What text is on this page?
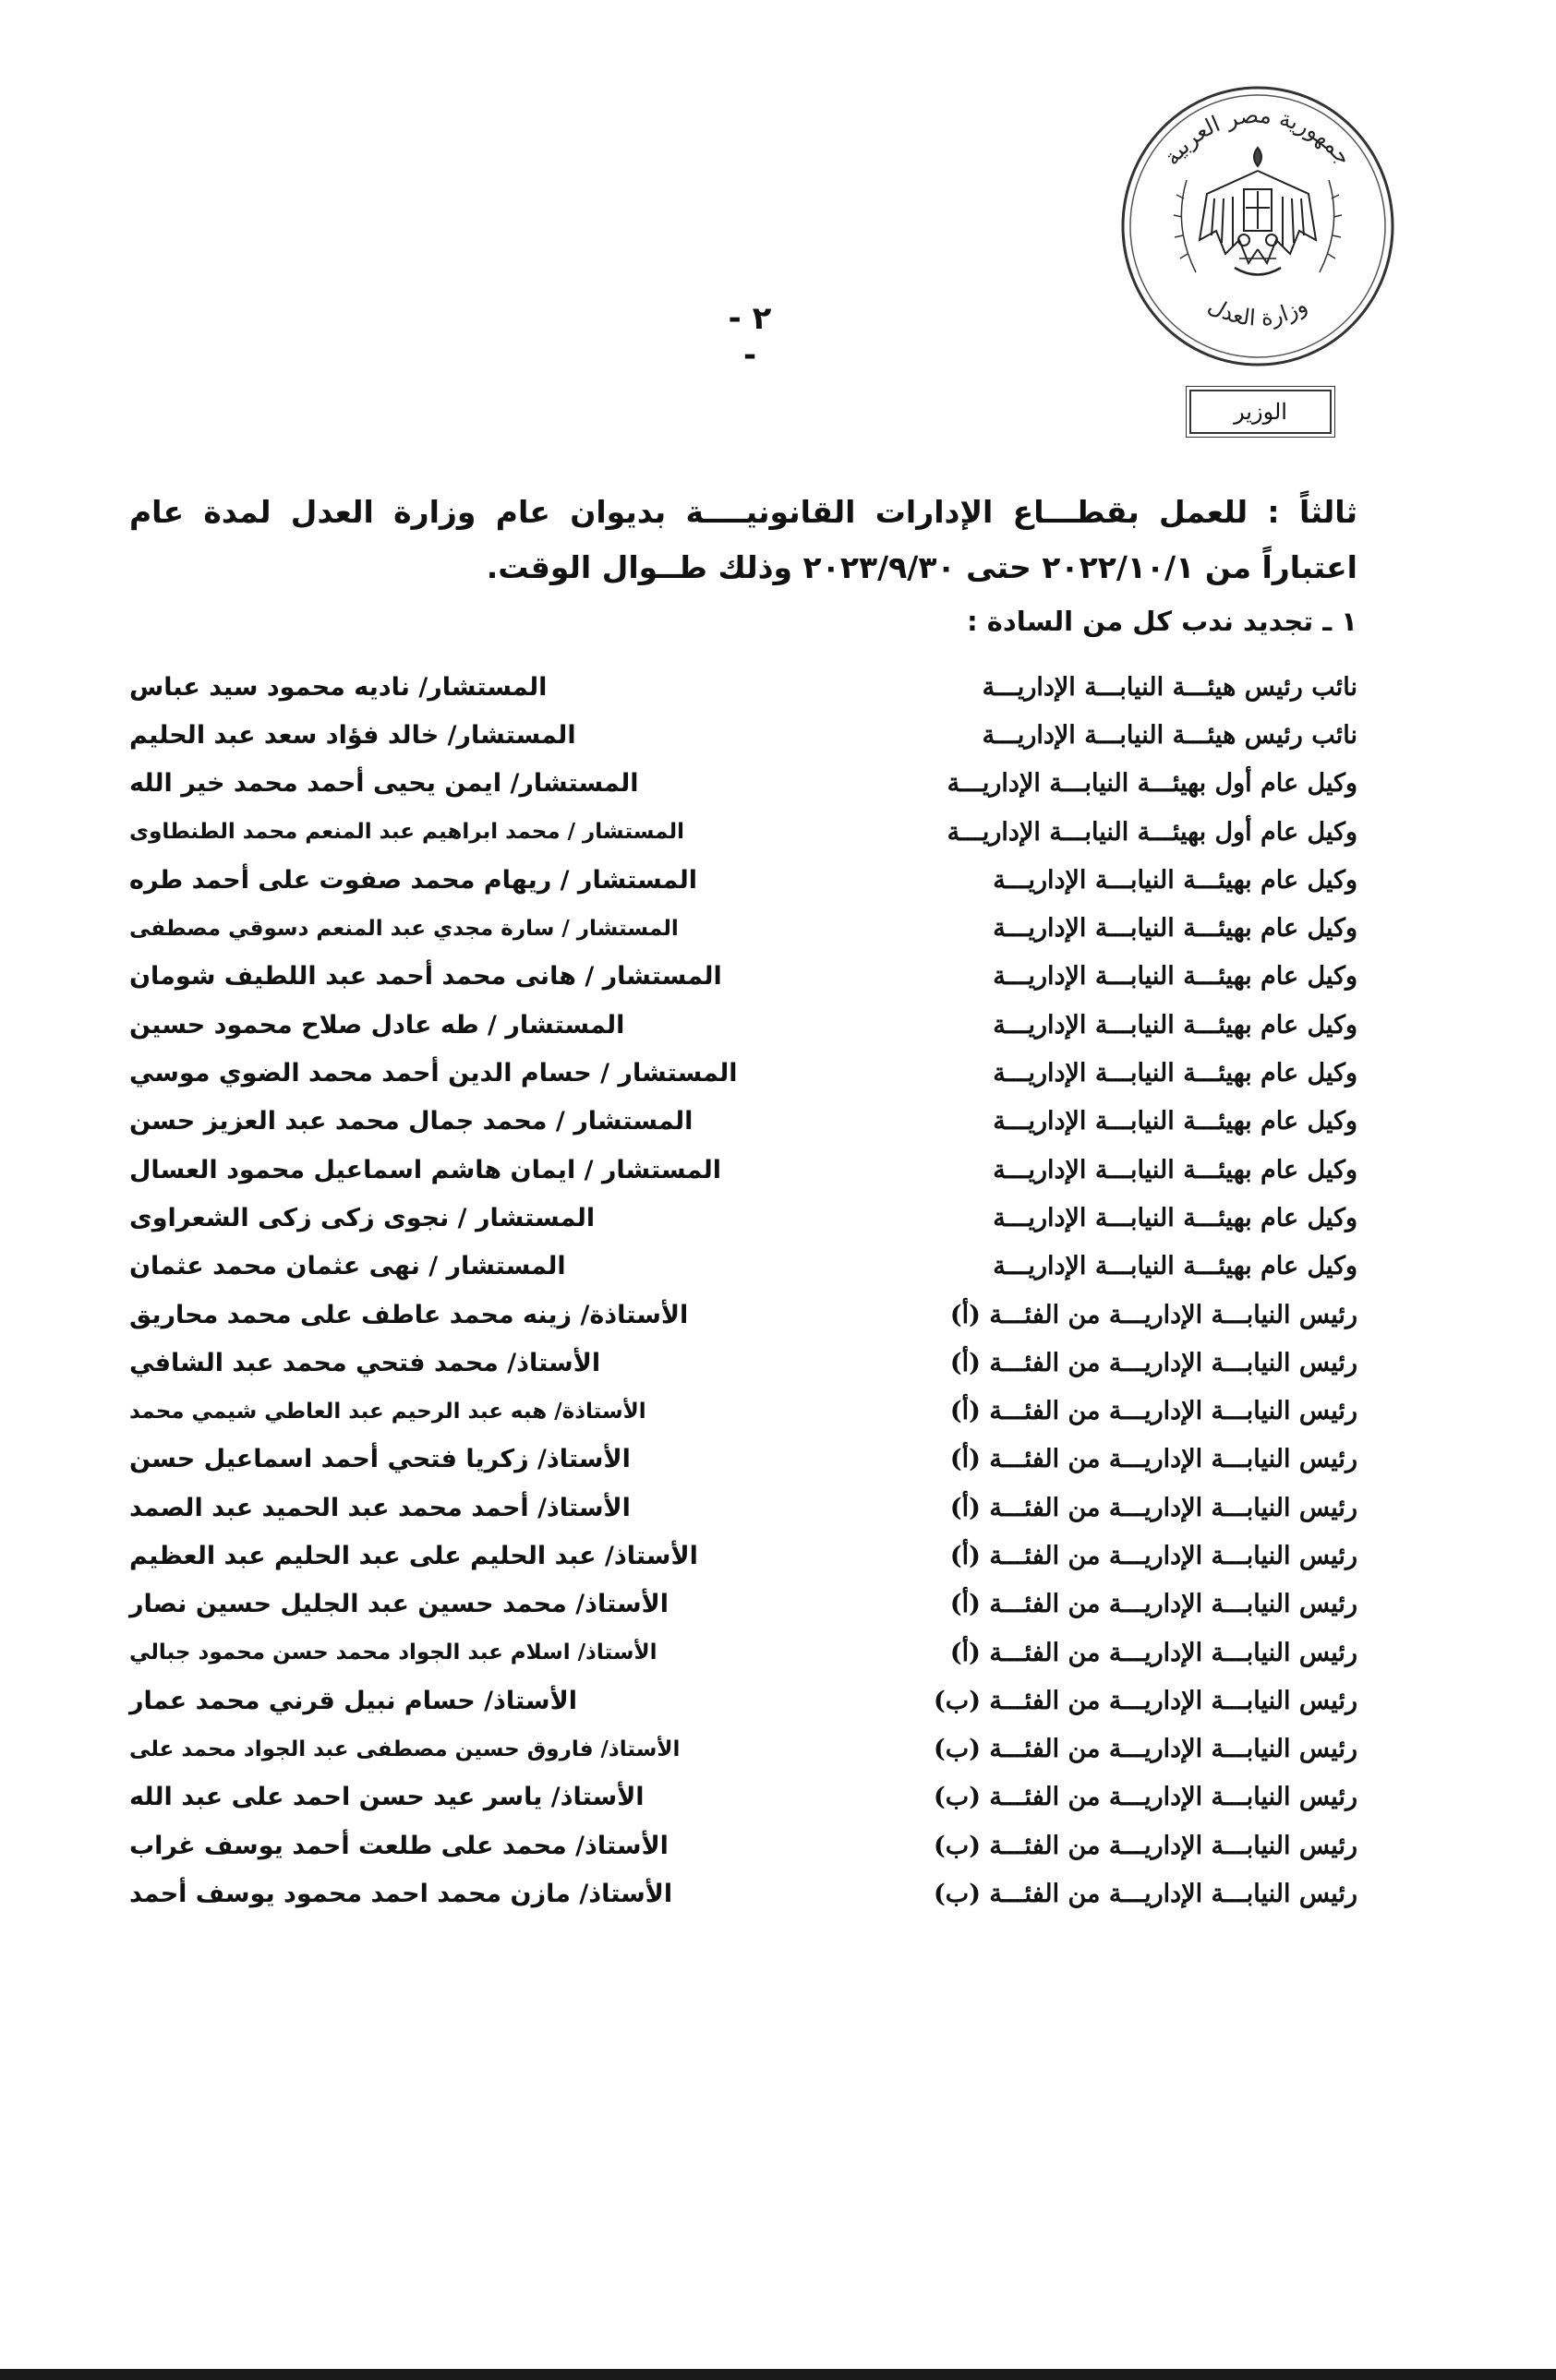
جمهورية مصر العربية
وزارة العدل
الوزير
- ٢ -
ثالثاً : للعمل بقطـــاع الإدارات القانونيــــة بديوان عام وزارة العدل لمدة عام اعتباراً من ٢٠٢٢/١٠/١ حتى ٢٠٢٣/٩/٣٠ وذلك طــوال الوقت.
١ ـ تجديد ندب كل من السادة :
المستشار/ ناديه محمود سيد عباس	نائب رئيس هيئـــة النيابـــة الإداريـــة
المستشار/ خالد فؤاد سعد عبد الحليم	نائب رئيس هيئـــة النيابـــة الإداريـــة
المستشار/ ايمن يحيى أحمد محمد خير الله	وكيل عام أول بهيئـــة النيابـــة الإداريـــة
المستشار / محمد ابراهيم عبد المنعم محمد الطنطاوى	وكيل عام أول بهيئـــة النيابـــة الإداريـــة
المستشار / ريهام محمد صفوت على أحمد طره	وكيل عام بهيئـــة النيابـــة الإداريـــة
المستشار / سارة مجدي عبد المنعم دسوقي مصطفى	وكيل عام بهيئـــة النيابـــة الإداريـــة
المستشار / هانى محمد أحمد عبد اللطيف شومان	وكيل عام بهيئـــة النيابـــة الإداريـــة
المستشار / طه عادل صلاح محمود حسين	وكيل عام بهيئـــة النيابـــة الإداريـــة
المستشار / حسام الدين أحمد محمد الضوي موسي	وكيل عام بهيئـــة النيابـــة الإداريـــة
المستشار / محمد جمال محمد عبد العزيز حسن	وكيل عام بهيئـــة النيابـــة الإداريـــة
المستشار / ايمان هاشم اسماعيل محمود العسال	وكيل عام بهيئـــة النيابـــة الإداريـــة
المستشار / نجوى زكى زكى الشعراوى	وكيل عام بهيئـــة النيابـــة الإداريـــة
المستشار / نهى عثمان محمد عثمان	وكيل عام بهيئـــة النيابـــة الإداريـــة
الأستاذة/ زينه محمد عاطف على محمد محاريق	رئيس النيابـــة الإداريـــة من الفئـــة (أ)
الأستاذ/ محمد فتحي محمد عبد الشافي	رئيس النيابـــة الإداريـــة من الفئـــة (أ)
الأستاذة/ هبه عبد الرحيم عبد العاطي شيمي محمد	رئيس النيابـــة الإداريـــة من الفئـــة (أ)
الأستاذ/ زكريا فتحي أحمد اسماعيل حسن	رئيس النيابـــة الإداريـــة من الفئـــة (أ)
الأستاذ/ أحمد محمد عبد الحميد عبد الصمد	رئيس النيابـــة الإداريـــة من الفئـــة (أ)
الأستاذ/ عبد الحليم على عبد الحليم عبد العظيم	رئيس النيابـــة الإداريـــة من الفئـــة (أ)
الأستاذ/ محمد حسين عبد الجليل حسين نصار	رئيس النيابـــة الإداريـــة من الفئـــة (أ)
الأستاذ/ اسلام عبد الجواد محمد حسن محمود جبالي	رئيس النيابـــة الإداريـــة من الفئـــة (أ)
الأستاذ/ حسام نبيل قرني محمد عمار	رئيس النيابـــة الإداريـــة من الفئـــة (ب)
الأستاذ/ فاروق حسين مصطفى عبد الجواد محمد على	رئيس النيابـــة الإداريـــة من الفئـــة (ب)
الأستاذ/ ياسر عيد حسن احمد على عبد الله	رئيس النيابـــة الإداريـــة من الفئـــة (ب)
الأستاذ/ محمد على طلعت أحمد يوسف غراب	رئيس النيابـــة الإداريـــة من الفئـــة (ب)
الأستاذ/ مازن محمد احمد محمود يوسف أحمد	رئيس النيابـــة الإداريـــة من الفئـــة (ب)
